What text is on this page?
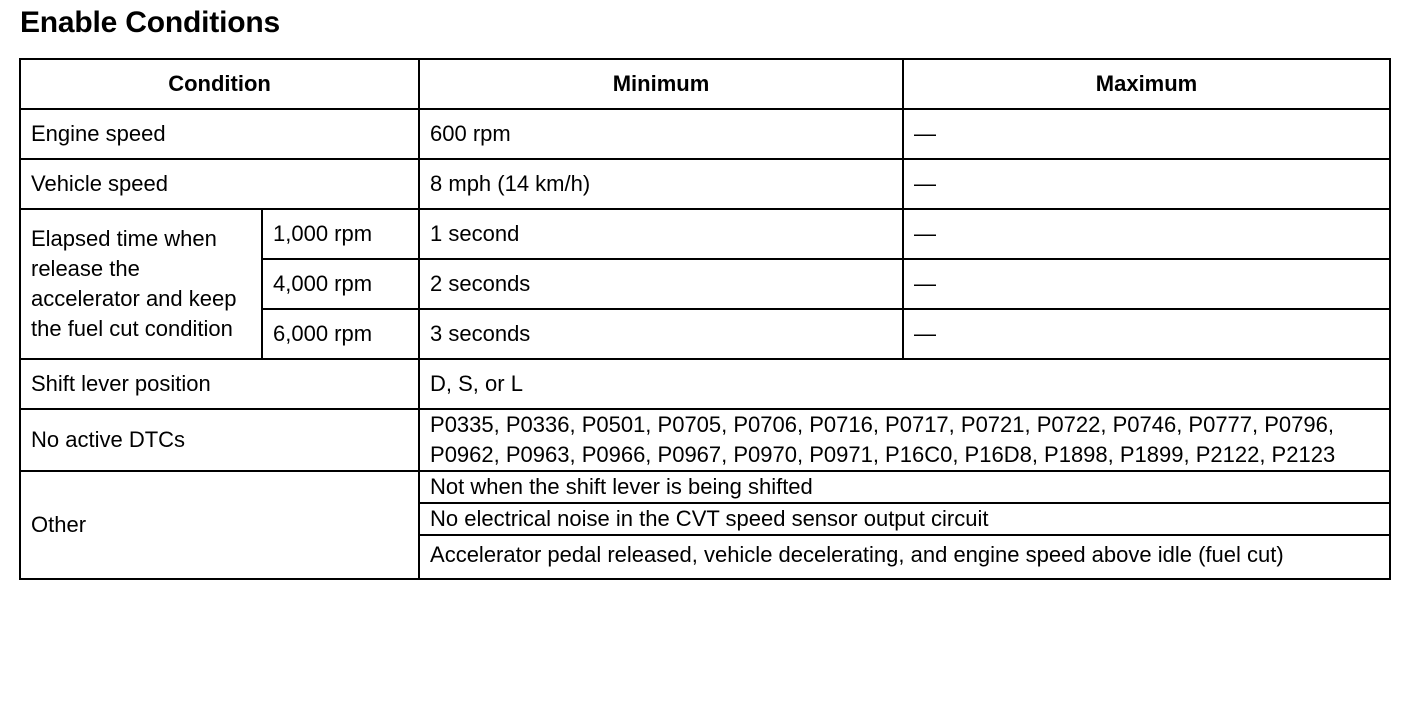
Enable Conditions
Condition		Minimum	Maximum
Engine speed		600 rpm	—
Vehicle speed		8 mph (14 km/h)	—
Elapsed time when release the accelerator and keep the fuel cut condition	1,000 rpm	1 second	—
	4,000 rpm	2 seconds	—
	6,000 rpm	3 seconds	—
Shift lever position		D, S, or L	
No active DTCs		P0335, P0336, P0501, P0705, P0706, P0716, P0717, P0721, P0722, P0746, P0777, P0796, P0962, P0963, P0966, P0967, P0970, P0971, P16C0, P16D8, P1898, P1899, P2122, P2123	
Other		Not when the shift lever is being shifted	
		No electrical noise in the CVT speed sensor output circuit	
		Accelerator pedal released, vehicle decelerating, and engine speed above idle (fuel cut)	
